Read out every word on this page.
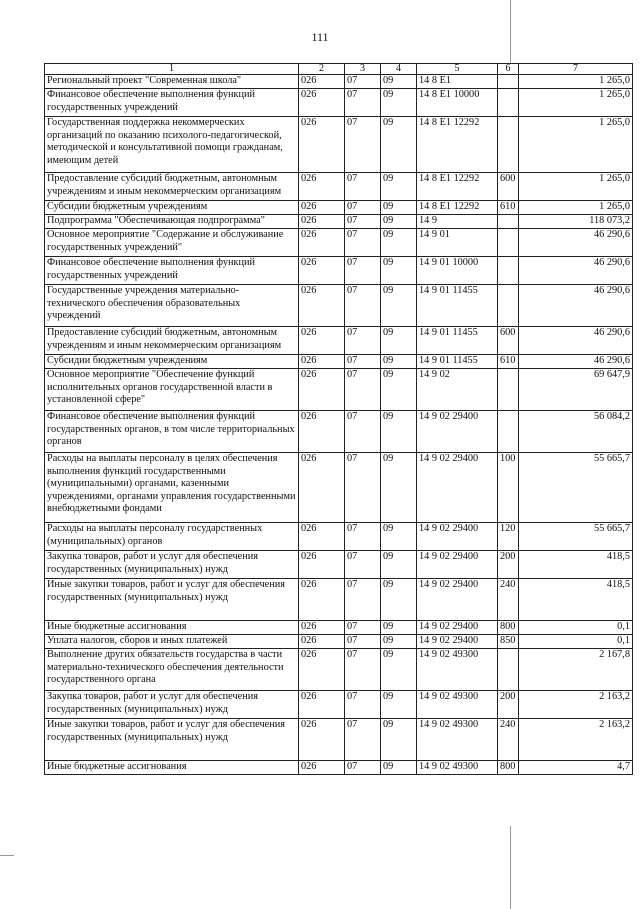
111
1	2	3	4	5	6	7
Региональный проект "Современная школа"	026	07	09	14 8 E1		1 265,0
Финансовое обеспечение выполнения функций государственных учреждений	026	07	09	14 8 E1 10000		1 265,0
Государственная поддержка некоммерческих организаций по оказанию психолого-педагогической, методической и консультативной помощи гражданам, имеющим детей	026	07	09	14 8 E1 12292		1 265,0
Предоставление субсидий бюджетным, автономным учреждениям и иным некоммерческим организациям	026	07	09	14 8 E1 12292	600	1 265,0
Субсидии бюджетным учреждениям	026	07	09	14 8 E1 12292	610	1 265,0
Подпрограмма "Обеспечивающая подпрограмма"	026	07	09	14 9		118 073,2
Основное мероприятие "Содержание и обслуживание государственных учреждений"	026	07	09	14 9 01		46 290,6
Финансовое обеспечение выполнения функций государственных учреждений	026	07	09	14 9 01 10000		46 290,6
Государственные учреждения материально-технического обеспечения образовательных учреждений	026	07	09	14 9 01 11455		46 290,6
Предоставление субсидий бюджетным, автономным учреждениям и иным некоммерческим организациям	026	07	09	14 9 01 11455	600	46 290,6
Субсидии бюджетным учреждениям	026	07	09	14 9 01 11455	610	46 290,6
Основное мероприятие "Обеспечение функций исполнительных органов государственной власти в установленной сфере"	026	07	09	14 9 02		69 647,9
Финансовое обеспечение выполнения функций государственных органов, в том числе территориальных органов	026	07	09	14 9 02 29400		56 084,2
Расходы на выплаты персоналу в целях обеспечения выполнения функций государственными (муниципальными) органами, казенными учреждениями, органами управления государственными внебюджетными фондами	026	07	09	14 9 02 29400	100	55 665,7
Расходы на выплаты персоналу государственных (муниципальных) органов	026	07	09	14 9 02 29400	120	55 665,7
Закупка товаров, работ и услуг для обеспечения государственных (муниципальных) нужд	026	07	09	14 9 02 29400	200	418,5
Иные закупки товаров, работ и услуг для обеспечения государственных (муниципальных) нужд	026	07	09	14 9 02 29400	240	418,5
Иные бюджетные ассигнования	026	07	09	14 9 02 29400	800	0,1
Уплата налогов, сборов и иных платежей	026	07	09	14 9 02 29400	850	0,1
Выполнение других обязательств государства в части материально-технического обеспечения деятельности государственного органа	026	07	09	14 9 02 49300		2 167,8
Закупка товаров, работ и услуг для обеспечения государственных (муниципальных) нужд	026	07	09	14 9 02 49300	200	2 163,2
Иные закупки товаров, работ и услуг для обеспечения государственных (муниципальных) нужд	026	07	09	14 9 02 49300	240	2 163,2
Иные бюджетные ассигнования	026	07	09	14 9 02 49300	800	4,7
